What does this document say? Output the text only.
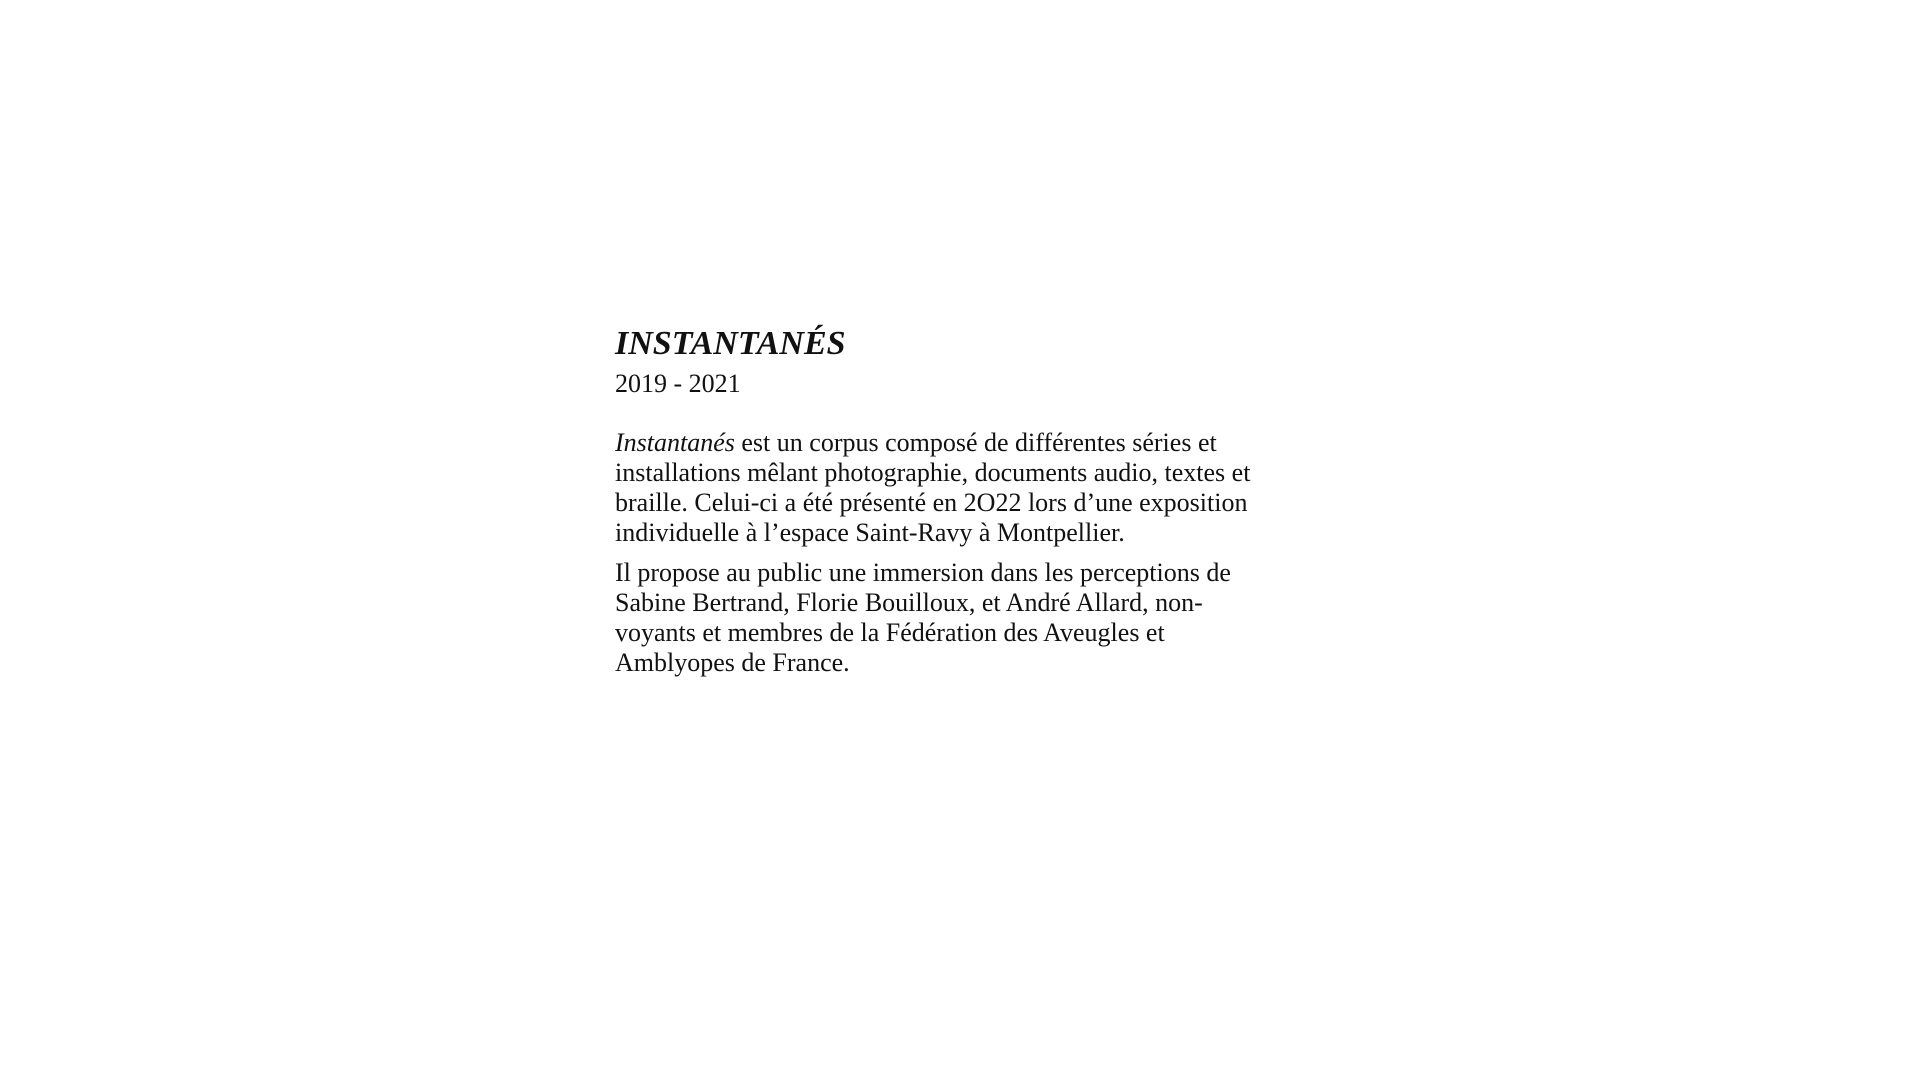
INSTANTANÉS
2019 - 2021

Instantanés est un corpus composé de différentes séries et
installations mêlant photographie, documents audio, textes et
braille. Celui-ci a été présenté en 2O22 lors d’une exposition
individuelle à l’espace Saint-Ravy à Montpellier.

Il propose au public une immersion dans les perceptions de
Sabine Bertrand, Florie Bouilloux, et André Allard, non-
voyants et membres de la Fédération des Aveugles et
Amblyopes de France.
